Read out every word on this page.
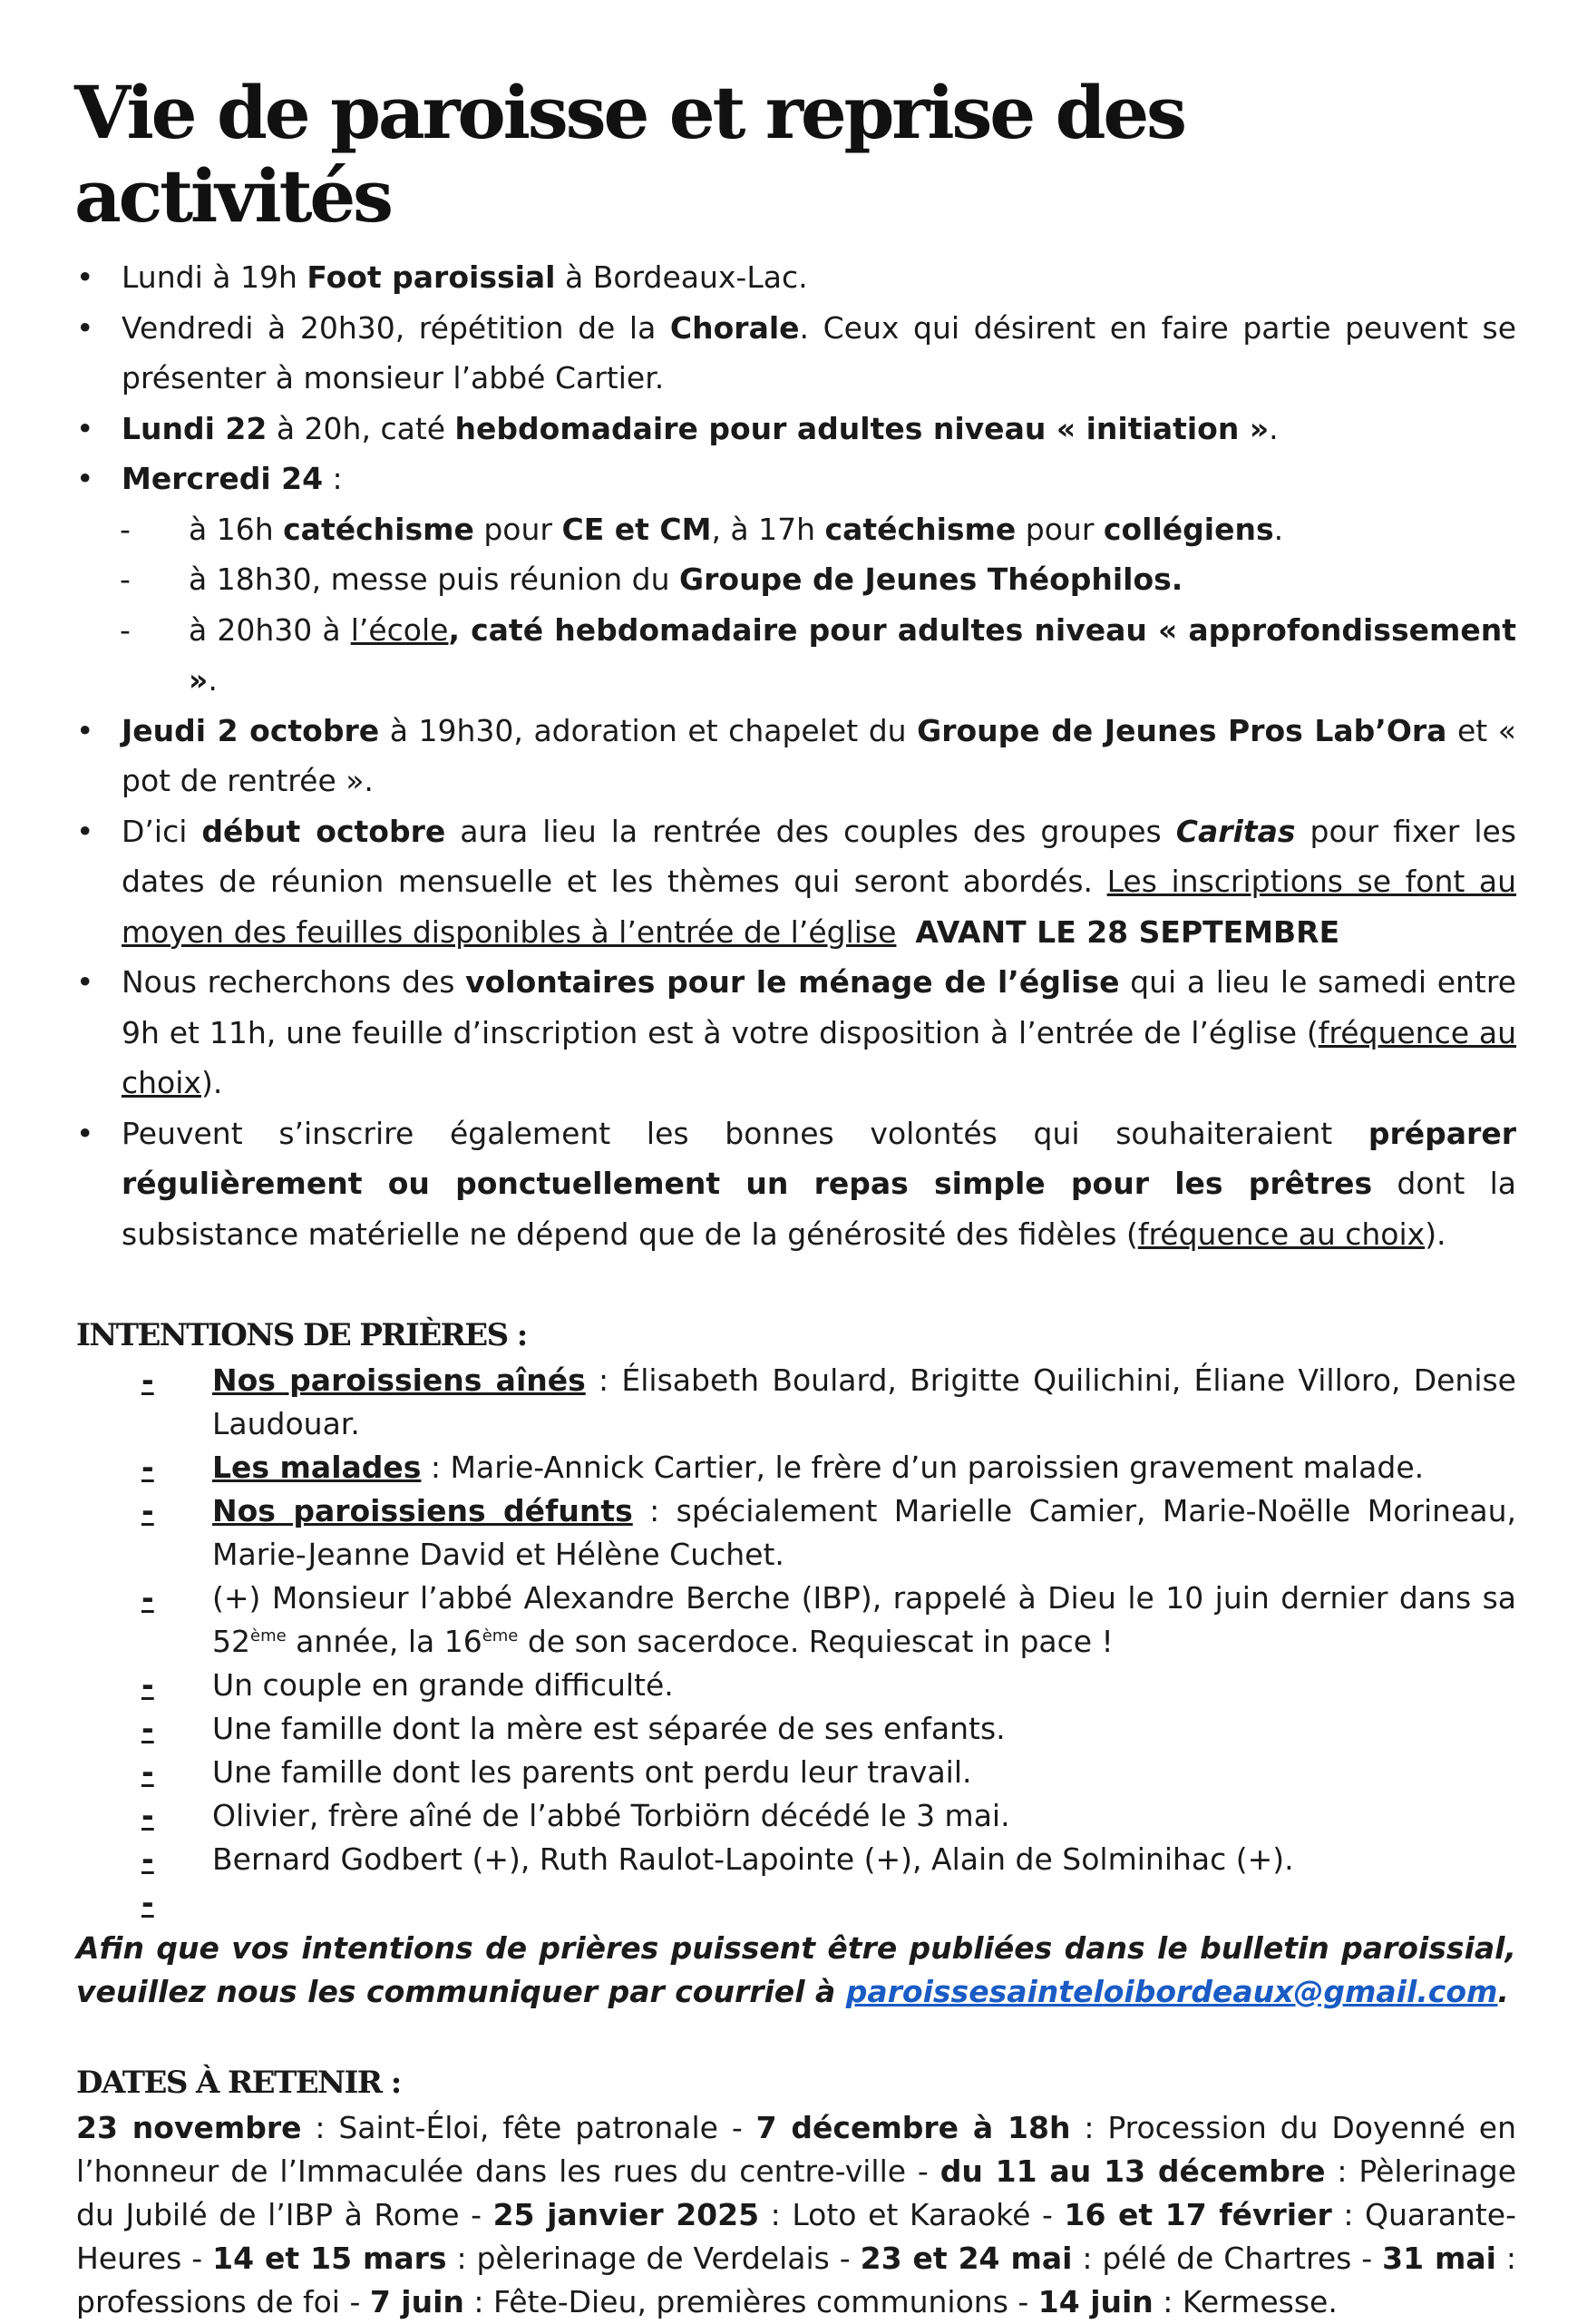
Vie de paroisse et reprise des activités
• Lundi à 19h Foot paroissial à Bordeaux-Lac.
• Vendredi à 20h30, répétition de la Chorale. Ceux qui désirent en faire partie peuvent se présenter à monsieur l’abbé Cartier.
• Lundi 22 à 20h, caté hebdomadaire pour adultes niveau « initiation ».
• Mercredi 24 :
- à 16h catéchisme pour CE et CM, à 17h catéchisme pour collégiens.
- à 18h30, messe puis réunion du Groupe de Jeunes Théophilos.
- à 20h30 à l’école, caté hebdomadaire pour adultes niveau « approfondissement ».
• Jeudi 2 octobre à 19h30, adoration et chapelet du Groupe de Jeunes Pros Lab’Ora et « pot de rentrée ».
• D’ici début octobre aura lieu la rentrée des couples des groupes Caritas pour fixer les dates de réunion mensuelle et les thèmes qui seront abordés. Les inscriptions se font au moyen des feuilles disponibles à l’entrée de l’église AVANT LE 28 SEPTEMBRE
• Nous recherchons des volontaires pour le ménage de l’église qui a lieu le samedi entre 9h et 11h, une feuille d’inscription est à votre disposition à l’entrée de l’église (fréquence au choix).
• Peuvent s’inscrire également les bonnes volontés qui souhaiteraient préparer régulièrement ou ponctuellement un repas simple pour les prêtres dont la subsistance matérielle ne dépend que de la générosité des fidèles (fréquence au choix).
INTENTIONS DE PRIÈRES :
- Nos paroissiens aînés : Élisabeth Boulard, Brigitte Quilichini, Éliane Villoro, Denise Laudouar.
- Les malades : Marie-Annick Cartier, le frère d’un paroissien gravement malade.
- Nos paroissiens défunts : spécialement Marielle Camier, Marie-Noëlle Morineau, Marie-Jeanne David et Hélène Cuchet.
- (+) Monsieur l’abbé Alexandre Berche (IBP), rappelé à Dieu le 10 juin dernier dans sa 52ème année, la 16ème de son sacerdoce. Requiescat in pace !
- Un couple en grande difficulté.
- Une famille dont la mère est séparée de ses enfants.
- Une famille dont les parents ont perdu leur travail.
- Olivier, frère aîné de l’abbé Torbiörn décédé le 3 mai.
- Bernard Godbert (+), Ruth Raulot-Lapointe (+), Alain de Solminihac (+).
-

Afin que vos intentions de prières puissent être publiées dans le bulletin paroissial, veuillez nous les communiquer par courriel à paroissesainteloibordeaux@gmail.com.

DATES À RETENIR :

23 novembre : Saint-Éloi, fête patronale - 7 décembre à 18h : Procession du Doyenné en l’honneur de l’Immaculée dans les rues du centre-ville - du 11 au 13 décembre : Pèlerinage du Jubilé de l’IBP à Rome - 25 janvier 2025 : Loto et Karaoké - 16 et 17 février : Quarante-Heures - 14 et 15 mars : pèlerinage de Verdelais - 23 et 24 mai : pélé de Chartres - 31 mai : professions de foi - 7 juin : Fête-Dieu, premières communions - 14 juin : Kermesse.
